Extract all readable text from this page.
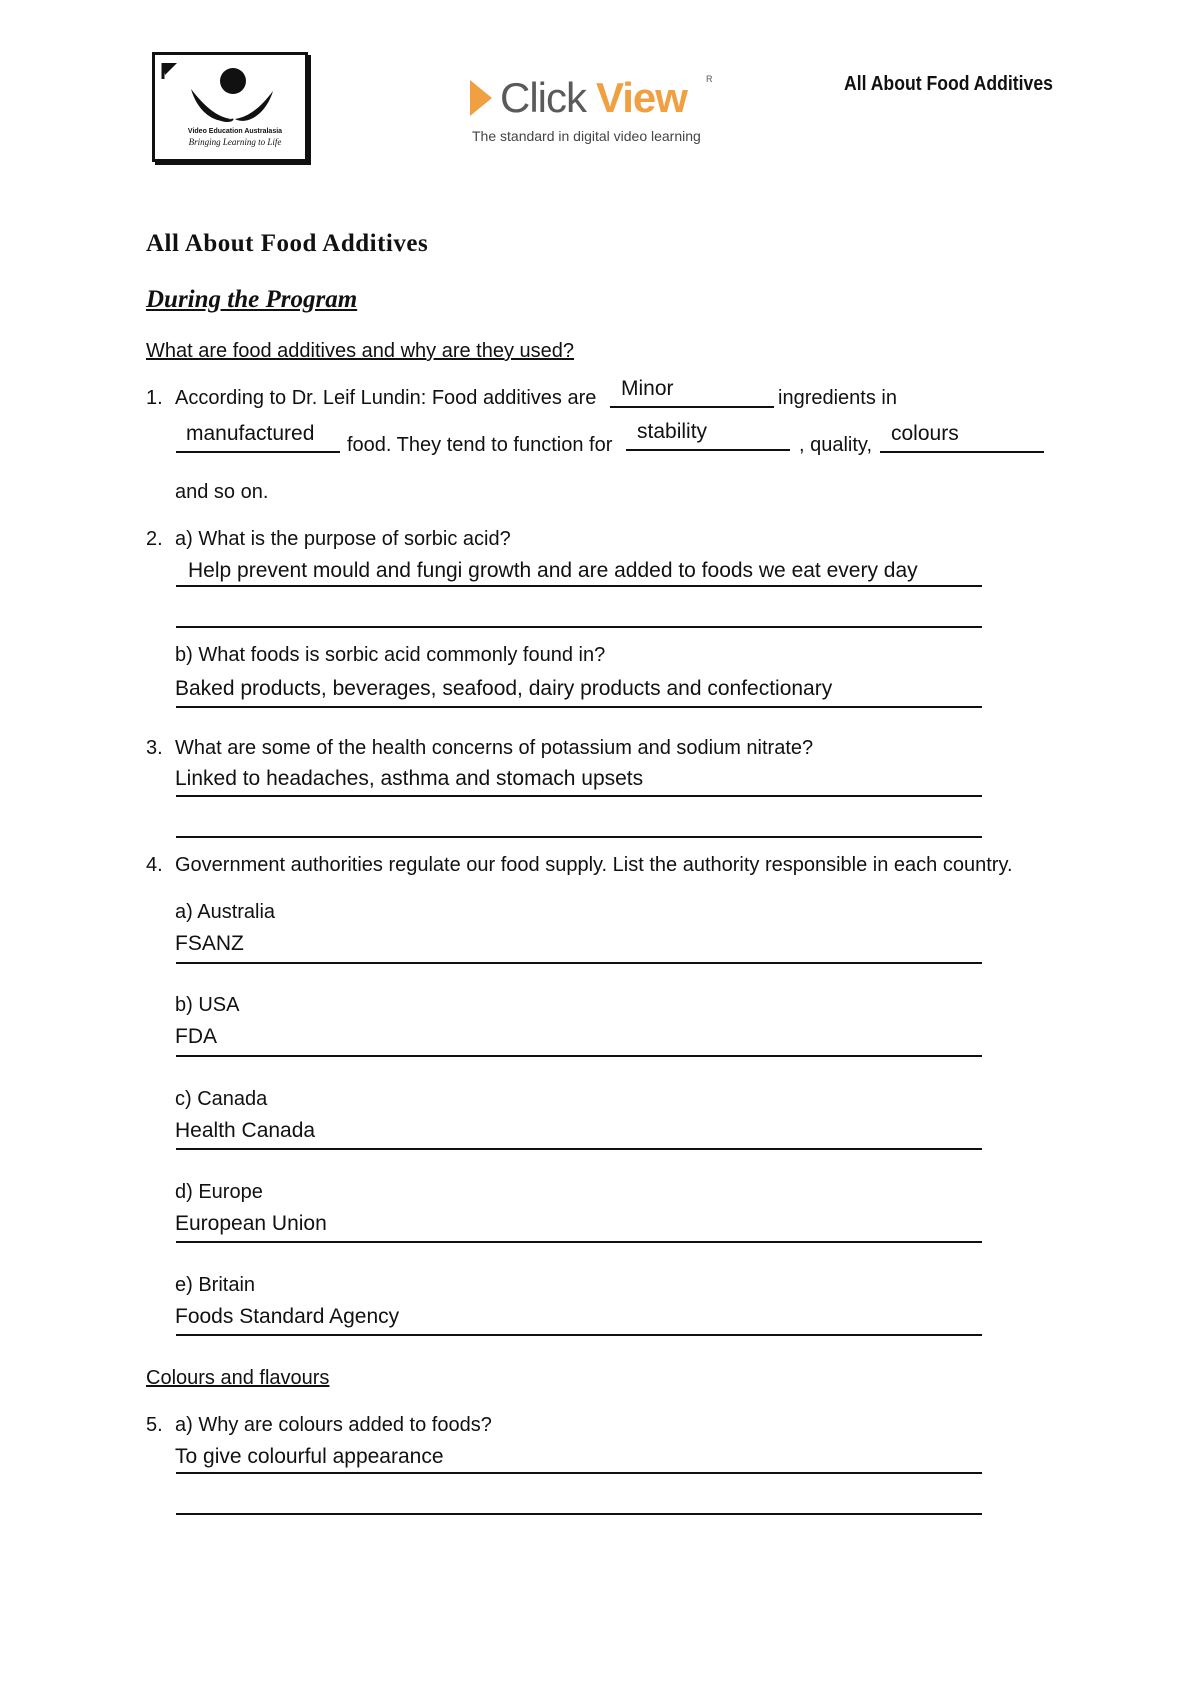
Video Education Australasia
Bringing Learning to Life
Click View R
The standard in digital video learning
All About Food Additives
All About Food Additives
During the Program
What are food additives and why are they used?
1. According to Dr. Leif Lundin: Food additives are Minor	ingredients in
manufactured food. They tend to function for
stability
, quality, colours
and so on.
2. a) What is the purpose of sorbic acid?
Help prevent mould and fungi growth and are added to foods we eat every day
b) What foods is sorbic acid commonly found in?
Baked products, beverages, seafood, dairy products and confectionary
3. What are some of the health concerns of potassium and sodium nitrate?
Linked to headaches, asthma and stomach upsets
4. Government authorities regulate our food supply. List the authority responsible in each country.
a) Australia
FSANZ
b) USA
FDA
c) Canada
Health Canada
d) Europe
European Union
e) Britain
Foods Standard Agency
Colours and flavours
5. a) Why are colours added to foods?
To give colourful appearance
